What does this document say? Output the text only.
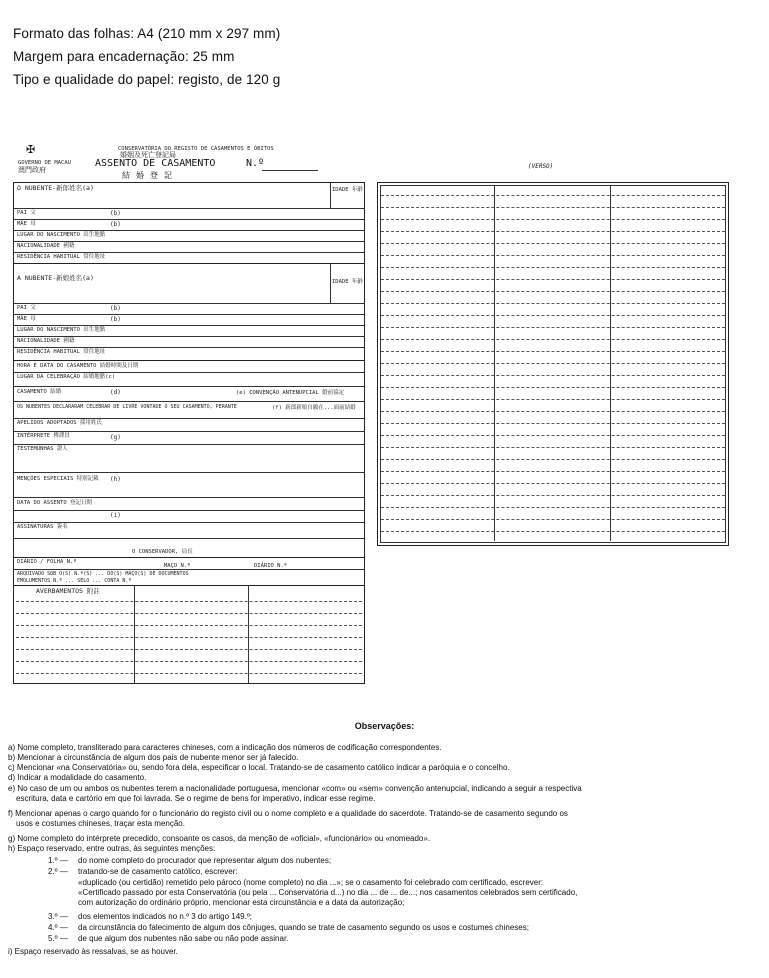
Formato das folhas: A4 (210 mm x 297 mm)
Margem para encadernação: 25 mm
Tipo e qualidade do papel: registo, de 120 g
✠
GOVERNO DE MACAU
澳門政府
CONSERVATÓRIA DO REGISTO DE CASAMENTOS E ÓBITOS
婚姻及死亡登記局
ASSENTO DE CASAMENTO
結婚登記
N.º	(VERSO)
O NUBENTE-新郎姓名(a)	IDADE 年齡
PAI 父	(b)
MÃE 母	(b)
LUGAR DO NASCIMENTO 出生地點
NACIONALIDADE 國籍
RESIDÊNCIA HABITUAL 常住地址
A NUBENTE-新娘姓名(a)	IDADE 年齡
PAI 父	(b)
MÃE 母	(b)
LUGAR DO NASCIMENTO 出生地點
NACIONALIDADE 國籍
RESIDÊNCIA HABITUAL 常住地址
HORA E DATA DO CASAMENTO 結婚時間及日期
LUGAR DA CELEBRAÇÃO 結婚地點(c)
CASAMENTO 結婚	(d)	(e) CONVENÇÃO ANTENUPCIAL 婚前協定
OS NUBENTES DECLARARAM CELEBRAR DE LIVRE VONTADE O SEU CASAMENTO, PERANTE	(f) 新郎新娘自願在...面前結婚
APELIDOS ADOPTADOS 採用姓氏
INTÉRPRETE 傳譯員	(g)
TESTEMUNHAS 證人
MENÇÕES ESPECIAIS 特別記載 (h)
DATA DO ASSENTO 登記日期
(i)
ASSINATURAS 簽名
O CONSERVADOR, 局長
DIÁRIO / FOLHA N.º
MAÇO N.º	DIÁRIO N.º
ARQUIVADO SOB O(S) N.º(S) ... DO(S) MAÇO(S) DE DOCUMENTOS
EMOLUMENTOS N.º ... SELO ... CONTA N.º
AVERBAMENTOS 附註
Observações:
a) Nome completo, transliterado para caracteres chineses, com a indicação dos números de codificação correspondentes.
b) Mencionar a circunstância de algum dos pais de nubente menor ser já falecido.
c) Mencionar «na Conservatória» ou, sendo fora dela, especificar o local. Tratando-se de casamento católico indicar a paróquia e o concelho.
d) Indicar a modalidade do casamento.
e) No caso de um ou ambos os nubentes terem a nacionalidade portuguesa, mencionar «com» ou «sem» convenção antenupcial, indicando a seguir a respectiva
escritura, data e cartório em que foi lavrada. Se o regime de bens for imperativo, indicar esse regime.
f) Mencionar apenas o cargo quando for o funcionário do registo civil ou o nome completo e a qualidade do sacerdote. Tratando-se de casamento segundo os
usos e costumes chineses, traçar esta menção.
g) Nome completo do intérprete precedido, consoante os casos, da menção de «oficial», «funcionário» ou «nomeado».
h) Espaço reservado, entre outras, às seguintes menções:
1.º — do nome completo do procurador que representar algum dos nubentes;
2.º — tratando-se de casamento católico, escrever:
«duplicado (ou certidão) remetido pelo pároco (nome completo) no dia ...»; se o casamento foi celebrado com certificado, escrever:
«Certificado passado por esta Conservatória (ou pela ... Conservatória d...) no dia ... de ... de...; nos casamentos celebrados sem certificado,
com autorização do ordinário próprio, mencionar esta circunstância e a data da autorização;
3.º — dos elementos indicados no n.º 3 do artigo 149.º;
4.º — da circunstância do falecimento de algum dos cônjuges, quando se trate de casamento segundo os usos e costumes chineses;
5.º — de que algum dos nubentes não sabe ou não pode assinar.
i) Espaço reservado às ressalvas, se as houver.
